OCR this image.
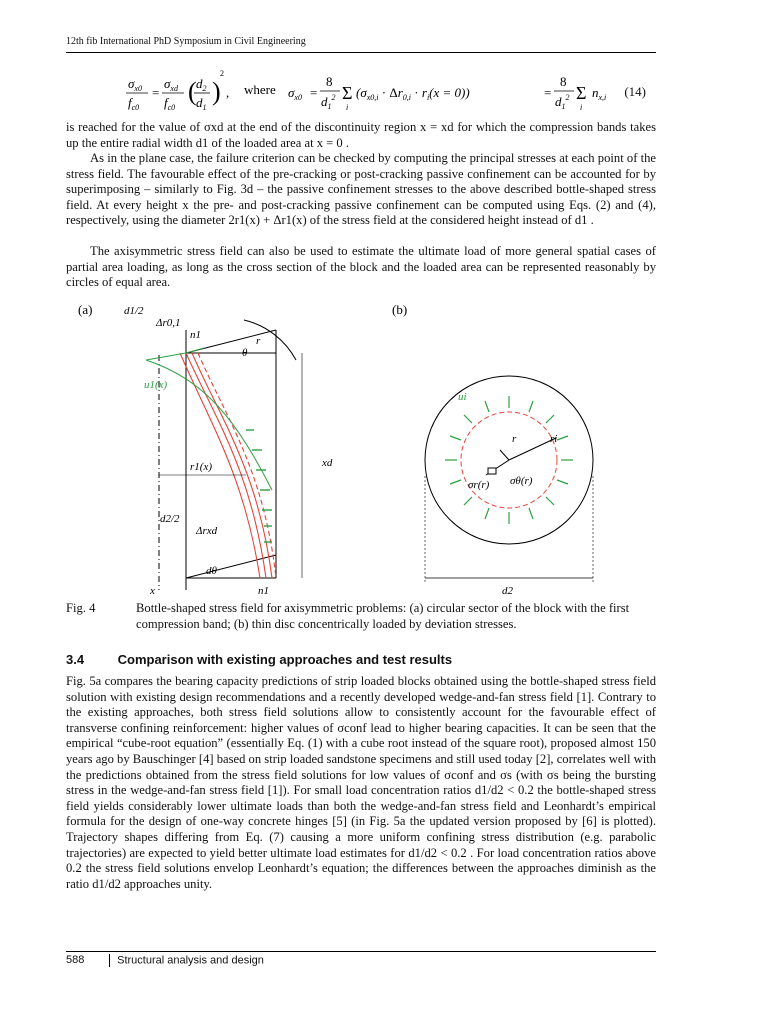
12th fib International PhD Symposium in Civil Engineering
$\sigma_{x0}$
$f_{c0}$
=
$\sigma_{xd}$
$f_{c0}$
( $d_2$
$d_1$
)
2
, where $\sigma_{x0}$ =
8
$d_1^2$ Σ
i
$(\sigma_{x0,i} \cdot \Delta r_{0,i} \cdot r_i(x = 0))$	=
8
$d_1^2$ Σ
i
$n_{x,i}$ (14)
is reached for the value of σxd at the end of the discontinuity region x = xd for which the compression bands takes up the entire radial width d1 of the loaded area at x = 0 .
As in the plane case, the failure criterion can be checked by computing the principal stresses at each point of the stress field. The favourable effect of the pre-cracking or post-cracking passive confinement can be accounted for by superimposing – similarly to Fig. 3d – the passive confinement stresses to the above described bottle-shaped stress field. At every height x the pre- and post-cracking passive confinement can be computed using Eqs. (2) and (4), respectively, using the diameter 2r1(x) + Δr1(x) of the stress field at the considered height instead of d1 .
The axisymmetric stress field can also be used to estimate the ultimate load of more general spatial cases of partial area loading, as long as the cross section of the block and the loaded area can be represented reasonably by circles of equal area.
(a)	(b)
xd
d1/2
Δr0,1
n1	r
θ
u1(x)
r1(x)
d2/2
Δrxd
dθ
x	n1
ui
r	ri
σr(r) σθ(r)
d2
Fig. 4	Bottle-shaped stress field for axisymmetric problems: (a) circular sector of the block with the first compression band; (b) thin disc concentrically loaded by deviation stresses.
3.4	Comparison with existing approaches and test results
Fig. 5a compares the bearing capacity predictions of strip loaded blocks obtained using the bottle-shaped stress field solution with existing design recommendations and a recently developed wedge-and-fan stress field [1]. Contrary to the existing approaches, both stress field solutions allow to consistently account for the favourable effect of transverse confining reinforcement: higher values of σconf lead to higher bearing capacities. It can be seen that the empirical “cube-root equation” (essentially Eq. (1) with a cube root instead of the square root), proposed almost 150 years ago by Bauschinger [4] based on strip loaded sandstone specimens and still used today [2], correlates well with the predictions obtained from the stress field solutions for low values of σconf and σs (with σs being the bursting stress in the wedge-and-fan stress field [1]). For small load concentration ratios d1/d2 < 0.2 the bottle-shaped stress field yields considerably lower ultimate loads than both the wedge-and-fan stress field and Leonhardt’s empirical formula for the design of one-way concrete hinges [5] (in Fig. 5a the updated version proposed by [6] is plotted). Trajectory shapes differing from Eq. (7) causing a more uniform confining stress distribution (e.g. parabolic trajectories) are expected to yield better ultimate load estimates for d1/d2 < 0.2 . For load concentration ratios above 0.2 the stress field solutions envelop Leonhardt’s equation; the differences between the approaches diminish as the ratio d1/d2 approaches unity.
588	Structural analysis and design
